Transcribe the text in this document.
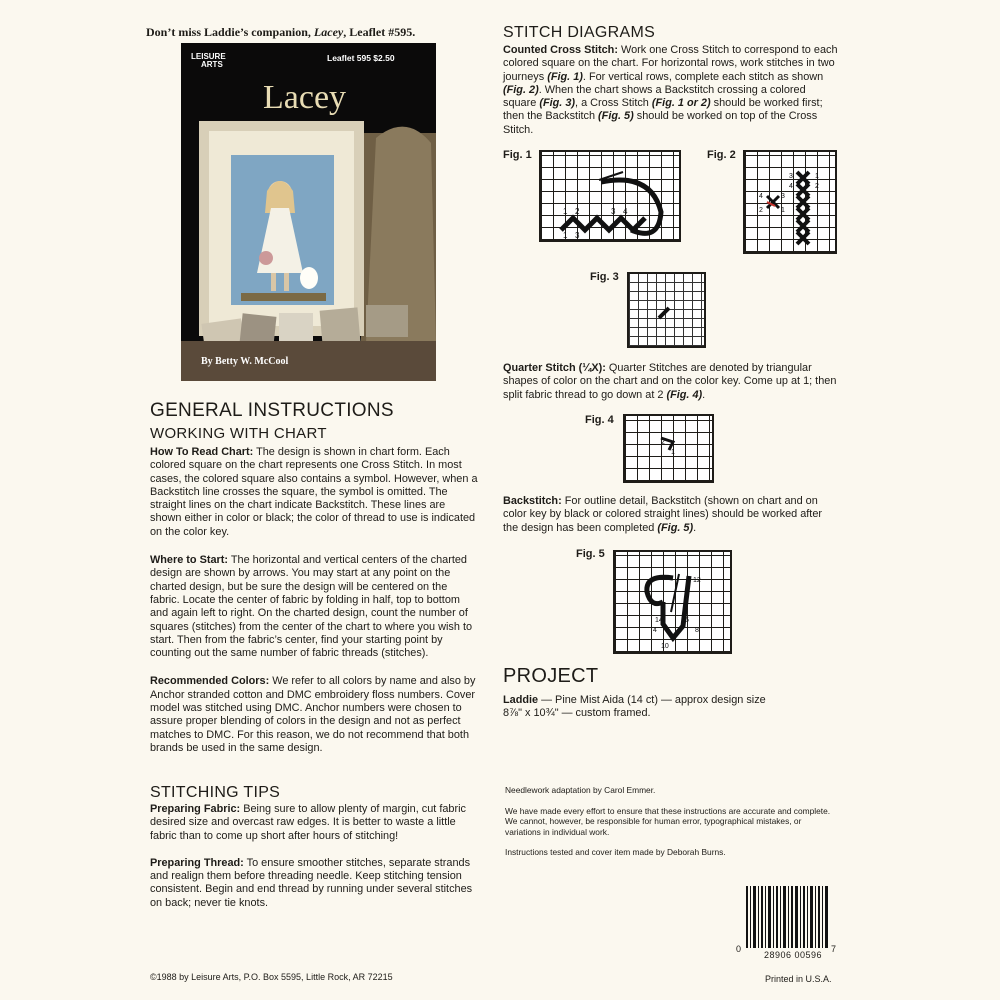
Don’t miss Laddie’s companion, Lacey, Leaflet #595.

LEISURE
ARTS
Leaflet 595 $2.50
Lacey
By Betty W. McCool
GENERAL INSTRUCTIONS
WORKING WITH CHART

How To Read Chart: The design is shown in chart form. Each colored square on the chart represents one Cross Stitch. In most cases, the colored square also contains a symbol. However, when a Backstitch line crosses the square, the symbol is omitted. The straight lines on the chart indicate Backstitch. These lines are shown either in color or black; the color of thread to use is indicated on the color key.

Where to Start: The horizontal and vertical centers of the charted design are shown by arrows. You may start at any point on the charted design, but be sure the design will be centered on the fabric. Locate the center of fabric by folding in half, top to bottom and again left to right. On the charted design, count the number of squares (stitches) from the center of the chart to where you wish to start. Then from the fabric’s center, find your starting point by counting out the same number of fabric threads (stitches).

Recommended Colors: We refer to all colors by name and also by Anchor stranded cotton and DMC embroidery floss numbers. Cover model was stitched using DMC. Anchor numbers were chosen to assure proper blending of colors in the design and not as perfect matches to DMC. For this reason, we do not recommend that both brands be used in the same design.

STITCHING TIPS

Preparing Fabric: Being sure to allow plenty of margin, cut fabric desired size and overcast raw edges. It is better to waste a little fabric than to come up short after hours of stitching!

Preparing Thread: To ensure smoother stitches, separate strands and realign them before threading needle. Keep stitching tension consistent. Begin and end thread by running under several stitches on back; never tie knots.

STITCH DIAGRAMS

Counted Cross Stitch: Work one Cross Stitch to correspond to each colored square on the chart. For horizontal rows, work stitches in two journeys (Fig. 1). For vertical rows, complete each stitch as shown (Fig. 2). When the chart shows a Backstitch crossing a colored square (Fig. 3), a Cross Stitch (Fig. 1 or 2) should be worked first; then the Backstitch (Fig. 5) should be worked on top of the Cross Stitch.

Fig. 1
1 2	3 4
1 3
Fig. 2
1
2
3
4
4	3
2	1
Fig. 3

Quarter Stitch (¼X): Quarter Stitches are denoted by triangular shapes of color on the chart and on the color key. Come up at 1; then split fabric thread to go down at 2 (Fig. 4).

Fig. 4
2
1

Backstitch: For outline detail, Backstitch (shown on chart and on color key by black or colored straight lines) should be worked after the design has been completed (Fig. 5).

Fig. 5
12
2
14
4
6
8
10
PROJECT

Laddie — Pine Mist Aida (14 ct) — approx design size
8⅞" x 10¾" — custom framed.

Needlework adaptation by Carol Emmer.

We have made every effort to ensure that these instructions are accurate and complete. We cannot, however, be responsible for human error, typographical mistakes, or variations in individual work.

Instructions tested and cover item made by Deborah Burns.

0
28906 00596
7
©1988 by Leisure Arts, P.O. Box 5595, Little Rock, AR 72215	Printed in U.S.A.
